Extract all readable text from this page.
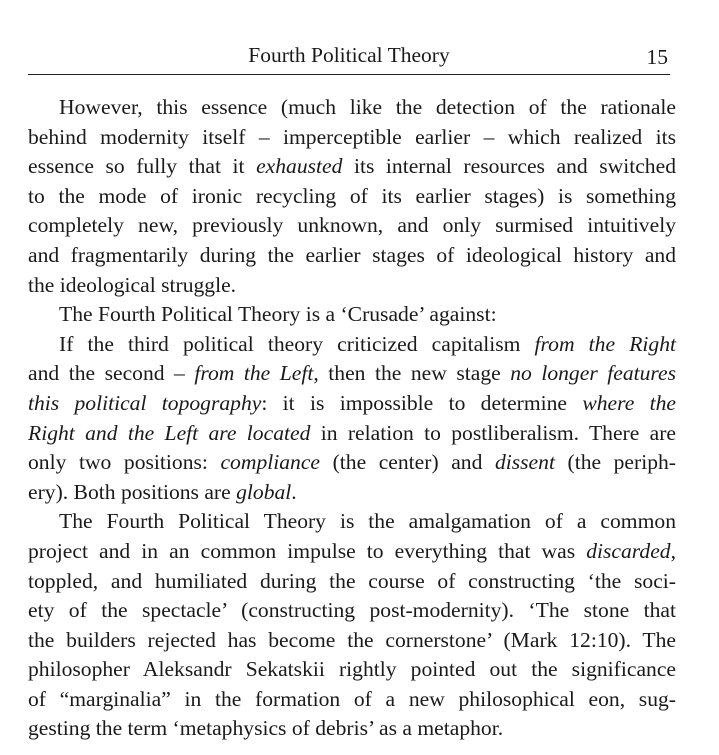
Fourth Political Theory	15
However, this essence (much like the detection of the rationale
behind modernity itself – imperceptible earlier – which realized its
essence so fully that it exhausted its internal resources and switched
to the mode of ironic recycling of its earlier stages) is something
completely new, previously unknown, and only surmised intuitively
and fragmentarily during the earlier stages of ideological history and
the ideological struggle.
The Fourth Political Theory is a ‘Crusade’ against:
If the third political theory criticized capitalism from the Right
and the second – from the Left, then the new stage no longer features
this political topography: it is impossible to determine where the
Right and the Left are located in relation to postliberalism. There are
only two positions: compliance (the center) and dissent (the periph-
ery). Both positions are global.
The Fourth Political Theory is the amalgamation of a common
project and in an common impulse to everything that was discarded,
toppled, and humiliated during the course of constructing ‘the soci-
ety of the spectacle’ (constructing post-modernity). ‘The stone that
the builders rejected has become the cornerstone’ (Mark 12:10). The
philosopher Aleksandr Sekatskii rightly pointed out the significance
of “marginalia” in the formation of a new philosophical eon, sug-
gesting the term ‘metaphysics of debris’ as a metaphor.
